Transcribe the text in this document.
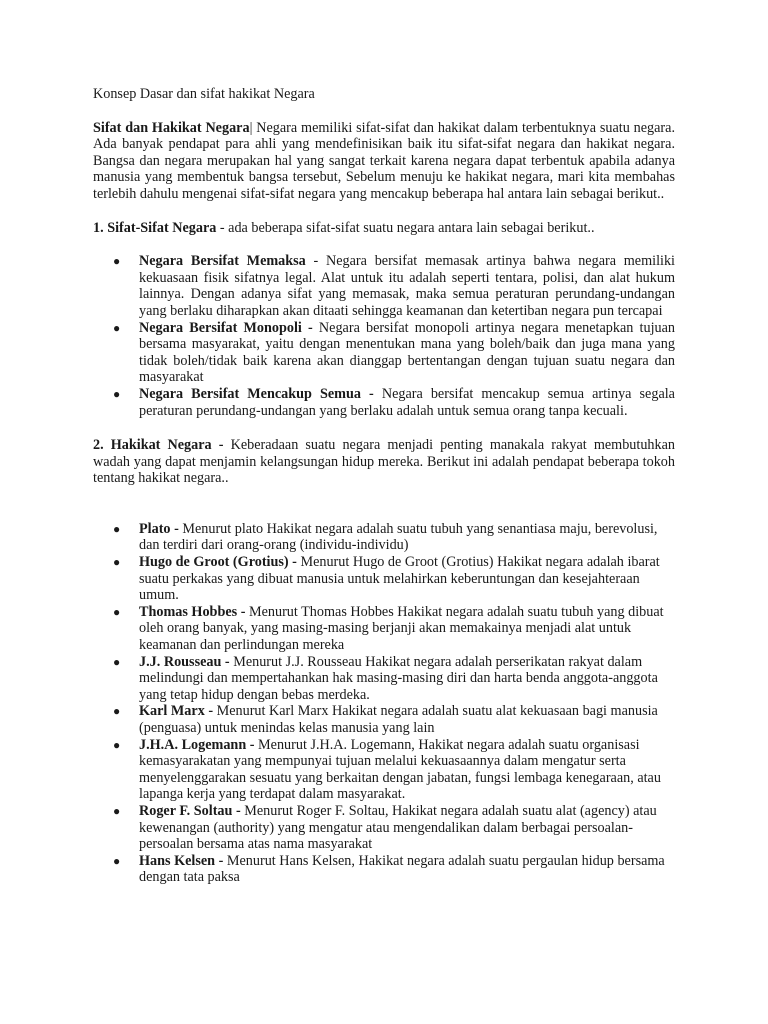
Konsep Dasar dan sifat hakikat Negara

Sifat dan Hakikat Negara| Negara memiliki sifat-sifat dan hakikat dalam terbentuknya suatu negara. Ada banyak pendapat para ahli yang mendefinisikan baik itu sifat-sifat negara dan hakikat negara. Bangsa dan negara merupakan hal yang sangat terkait karena negara dapat terbentuk apabila adanya manusia yang membentuk bangsa tersebut, Sebelum menuju ke hakikat negara, mari kita membahas terlebih dahulu mengenai sifat-sifat negara yang mencakup beberapa hal antara lain sebagai berikut..

1. Sifat-Sifat Negara - ada beberapa sifat-sifat suatu negara antara lain sebagai berikut..

● Negara Bersifat Memaksa - Negara bersifat memasak artinya bahwa negara memiliki kekuasaan fisik sifatnya legal. Alat untuk itu adalah seperti tentara, polisi, dan alat hukum lainnya. Dengan adanya sifat yang memasak, maka semua peraturan perundang-undangan yang berlaku diharapkan akan ditaati sehingga keamanan dan ketertiban negara pun tercapai
● Negara Bersifat Monopoli - Negara bersifat monopoli artinya negara menetapkan tujuan bersama masyarakat, yaitu dengan menentukan mana yang boleh/baik dan juga mana yang tidak boleh/tidak baik karena akan dianggap bertentangan dengan tujuan suatu negara dan masyarakat
● Negara Bersifat Mencakup Semua - Negara bersifat mencakup semua artinya segala peraturan perundang-undangan yang berlaku adalah untuk semua orang tanpa kecuali.

2. Hakikat Negara - Keberadaan suatu negara menjadi penting manakala rakyat membutuhkan wadah yang dapat menjamin kelangsungan hidup mereka. Berikut ini adalah pendapat beberapa tokoh tentang hakikat negara..

● Plato - Menurut plato Hakikat negara adalah suatu tubuh yang senantiasa maju, berevolusi, dan terdiri dari orang-orang (individu-individu)
● Hugo de Groot (Grotius) - Menurut Hugo de Groot (Grotius) Hakikat negara adalah ibarat suatu perkakas yang dibuat manusia untuk melahirkan keberuntungan dan kesejahteraan umum.
● Thomas Hobbes - Menurut Thomas Hobbes Hakikat negara adalah suatu tubuh yang dibuat oleh orang banyak, yang masing-masing berjanji akan memakainya menjadi alat untuk keamanan dan perlindungan mereka
● J.J. Rousseau - Menurut J.J. Rousseau Hakikat negara adalah perserikatan rakyat dalam melindungi dan mempertahankan hak masing-masing diri dan harta benda anggota-anggota yang tetap hidup dengan bebas merdeka.
● Karl Marx - Menurut Karl Marx Hakikat negara adalah suatu alat kekuasaan bagi manusia (penguasa) untuk menindas kelas manusia yang lain
● J.H.A. Logemann - Menurut J.H.A. Logemann, Hakikat negara adalah suatu organisasi kemasyarakatan yang mempunyai tujuan melalui kekuasaannya dalam mengatur serta menyelenggarakan sesuatu yang berkaitan dengan jabatan, fungsi lembaga kenegaraan, atau lapanga kerja yang terdapat dalam masyarakat.
● Roger F. Soltau - Menurut Roger F. Soltau, Hakikat negara adalah suatu alat (agency) atau kewenangan (authority) yang mengatur atau mengendalikan dalam berbagai persoalan-persoalan bersama atas nama masyarakat
● Hans Kelsen - Menurut Hans Kelsen, Hakikat negara adalah suatu pergaulan hidup bersama dengan tata paksa
